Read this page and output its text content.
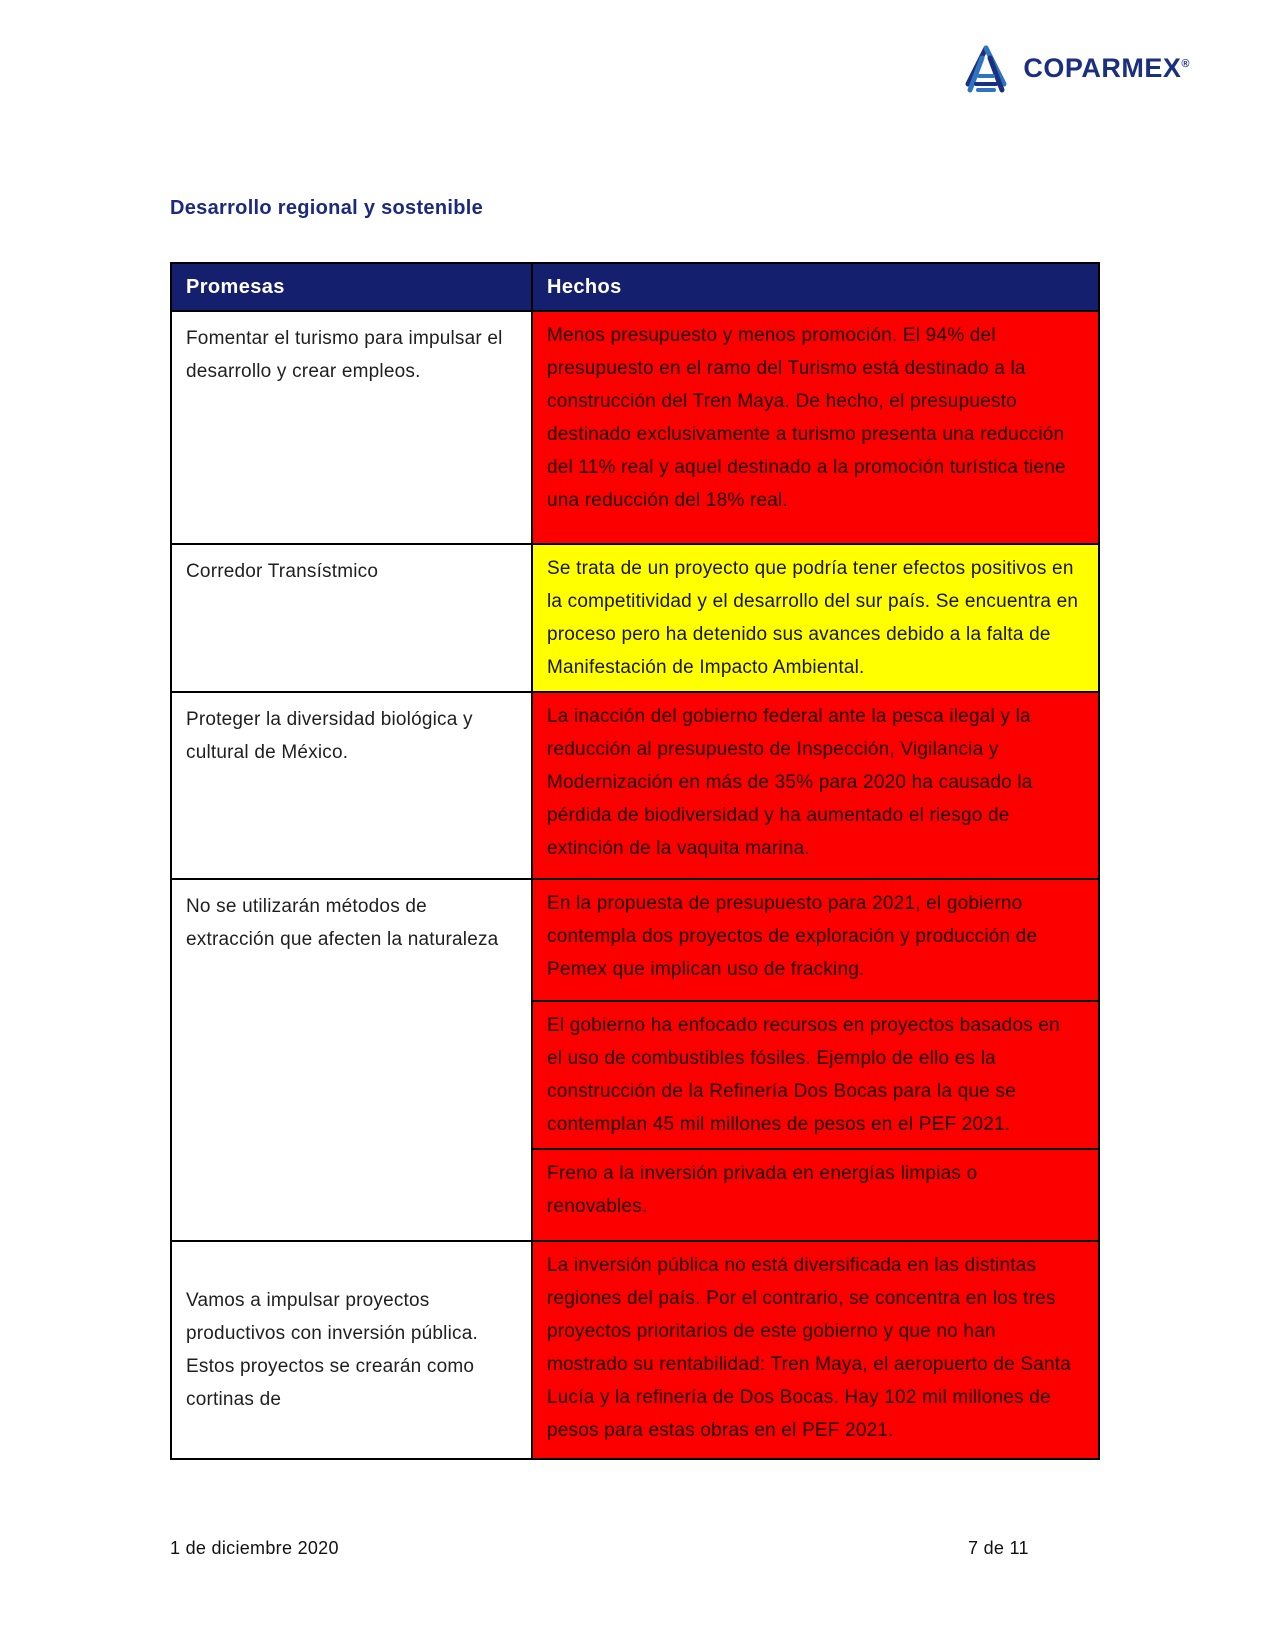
COPARMEX®
Desarrollo regional y sostenible
Promesas	Hechos
Fomentar el turismo para impulsar el desarrollo y crear empleos.	Menos presupuesto y menos promoción. El 94% del presupuesto en el ramo del Turismo está destinado a la construcción del Tren Maya. De hecho, el presupuesto destinado exclusivamente a turismo presenta una reducción del 11% real y aquel destinado a la promoción turística tiene una reducción del 18% real.
Corredor Transístmico	Se trata de un proyecto que podría tener efectos positivos en la competitividad y el desarrollo del sur país. Se encuentra en proceso pero ha detenido sus avances debido a la falta de Manifestación de Impacto Ambiental.
Proteger la diversidad biológica y cultural de México.	La inacción del gobierno federal ante la pesca ilegal y la reducción al presupuesto de Inspección, Vigilancia y Modernización en más de 35% para 2020 ha causado la pérdida de biodiversidad y ha aumentado el riesgo de extinción de la vaquita marina.
No se utilizarán métodos de extracción que afecten la naturaleza	En la propuesta de presupuesto para 2021, el gobierno contempla dos proyectos de exploración y producción de Pemex que implican uso de fracking.
	El gobierno ha enfocado recursos en proyectos basados en el uso de combustibles fósiles. Ejemplo de ello es la construcción de la Refinería Dos Bocas para la que se contemplan 45 mil millones de pesos en el PEF 2021.
	Freno a la inversión privada en energías limpias o renovables.
Vamos a impulsar proyectos productivos con inversión pública. Estos proyectos se crearán como cortinas de	La inversión pública no está diversificada en las distintas regiones del país. Por el contrario, se concentra en los tres proyectos prioritarios de este gobierno y que no han mostrado su rentabilidad: Tren Maya, el aeropuerto de Santa Lucía y la refinería de Dos Bocas. Hay 102 mil millones de pesos para estas obras en el PEF 2021.
1 de diciembre 2020	7 de 11
